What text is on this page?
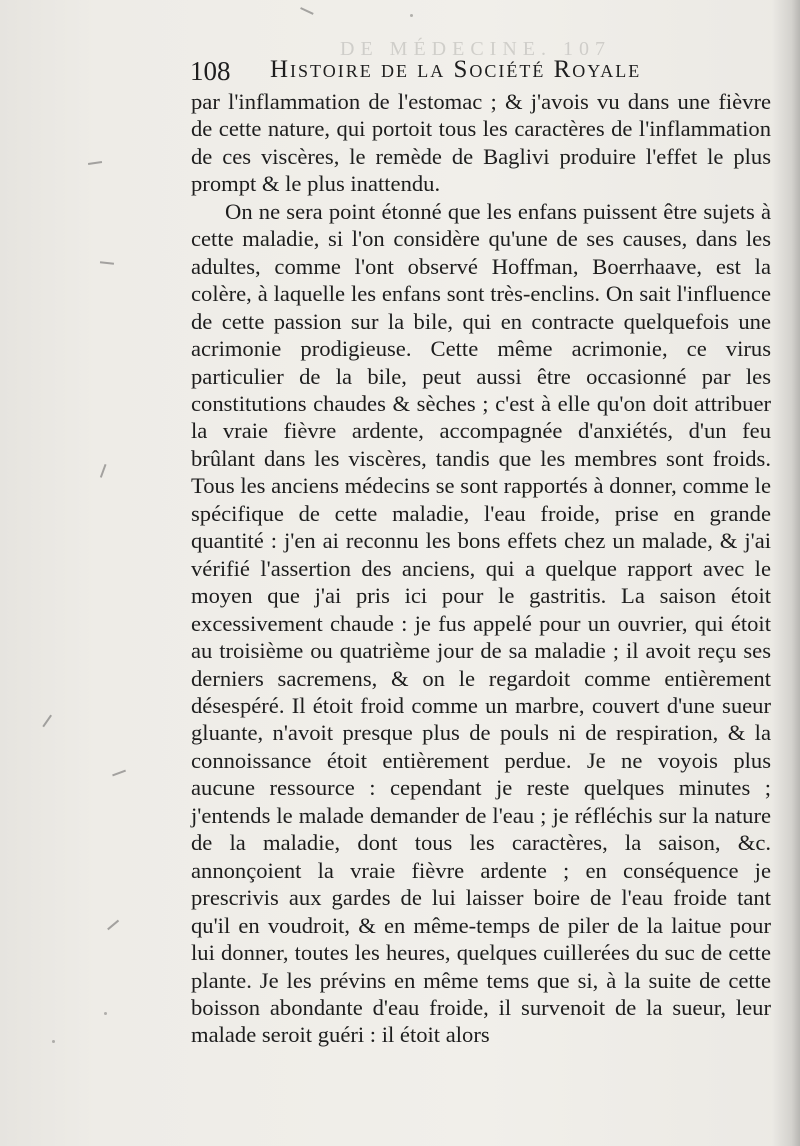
DE MÉDECINE. 107
108 Histoire de la Société Royale

par l'inflammation de l'estomac ; & j'avois vu dans une fièvre de cette nature, qui portoit tous les caractères de l'inflammation de ces viscères, le remède de Baglivi produire l'effet le plus prompt & le plus inattendu.

On ne sera point étonné que les enfans puissent être sujets à cette maladie, si l'on considère qu'une de ses causes, dans les adultes, comme l'ont observé Hoffman, Boerrhaave, est la colère, à laquelle les enfans sont très-enclins. On sait l'influence de cette passion sur la bile, qui en contracte quelquefois une acrimonie prodigieuse. Cette même acrimonie, ce virus particulier de la bile, peut aussi être occasionné par les constitutions chaudes & sèches ; c'est à elle qu'on doit attribuer la vraie fièvre ardente, accompagnée d'anxiétés, d'un feu brûlant dans les viscères, tandis que les membres sont froids. Tous les anciens médecins se sont rapportés à donner, comme le spécifique de cette maladie, l'eau froide, prise en grande quantité : j'en ai reconnu les bons effets chez un malade, & j'ai vérifié l'assertion des anciens, qui a quelque rapport avec le moyen que j'ai pris ici pour le gastritis. La saison étoit excessivement chaude : je fus appelé pour un ouvrier, qui étoit au troisième ou quatrième jour de sa maladie ; il avoit reçu ses derniers sacremens, & on le regardoit comme entièrement désespéré. Il étoit froid comme un marbre, couvert d'une sueur gluante, n'avoit presque plus de pouls ni de respiration, & la connoissance étoit entièrement perdue. Je ne voyois plus aucune ressource : cependant je reste quelques minutes ; j'entends le malade demander de l'eau ; je réfléchis sur la nature de la maladie, dont tous les caractères, la saison, &c. annonçoient la vraie fièvre ardente ; en conséquence je prescrivis aux gardes de lui laisser boire de l'eau froide tant qu'il en voudroit, & en même-temps de piler de la laitue pour lui donner, toutes les heures, quelques cuillerées du suc de cette plante. Je les prévins en même tems que si, à la suite de cette boisson abondante d'eau froide, il survenoit de la sueur, leur malade seroit guéri : il étoit alors
